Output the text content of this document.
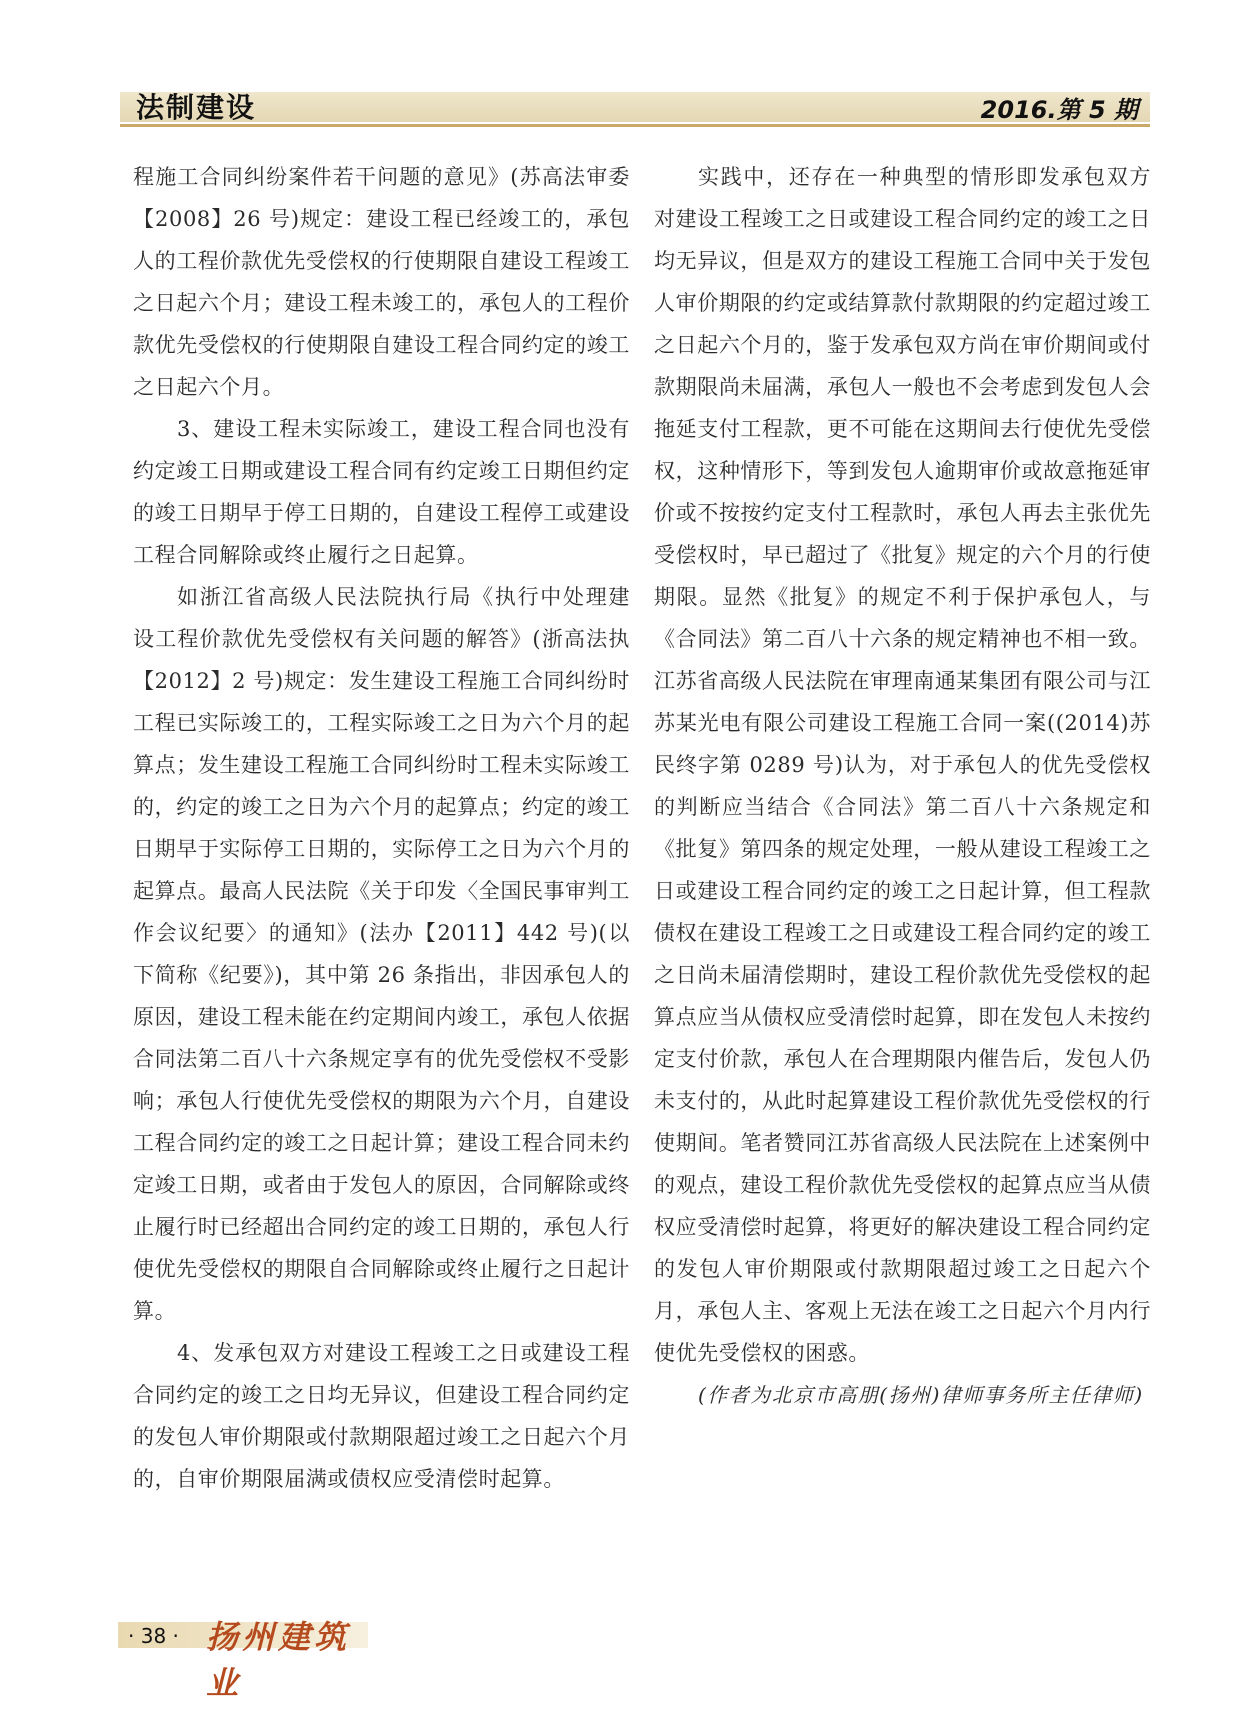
法制建设	2016.第 5 期

程施工合同纠纷案件若干问题的意见》(苏高法审委【2008】26 号)规定：建设工程已经竣工的，承包人的工程价款优先受偿权的行使期限自建设工程竣工之日起六个月；建设工程未竣工的，承包人的工程价款优先受偿权的行使期限自建设工程合同约定的竣工之日起六个月。

3、建设工程未实际竣工，建设工程合同也没有约定竣工日期或建设工程合同有约定竣工日期但约定的竣工日期早于停工日期的，自建设工程停工或建设工程合同解除或终止履行之日起算。

如浙江省高级人民法院执行局《执行中处理建设工程价款优先受偿权有关问题的解答》(浙高法执【2012】2 号)规定：发生建设工程施工合同纠纷时工程已实际竣工的，工程实际竣工之日为六个月的起算点；发生建设工程施工合同纠纷时工程未实际竣工的，约定的竣工之日为六个月的起算点；约定的竣工日期早于实际停工日期的，实际停工之日为六个月的起算点。最高人民法院《关于印发〈全国民事审判工作会议纪要〉的通知》(法办【2011】442 号)(以下简称《纪要》)，其中第 26 条指出，非因承包人的原因，建设工程未能在约定期间内竣工，承包人依据合同法第二百八十六条规定享有的优先受偿权不受影响；承包人行使优先受偿权的期限为六个月，自建设工程合同约定的竣工之日起计算；建设工程合同未约定竣工日期，或者由于发包人的原因，合同解除或终止履行时已经超出合同约定的竣工日期的，承包人行使优先受偿权的期限自合同解除或终止履行之日起计算。

4、发承包双方对建设工程竣工之日或建设工程合同约定的竣工之日均无异议，但建设工程合同约定的发包人审价期限或付款期限超过竣工之日起六个月的，自审价期限届满或债权应受清偿时起算。

实践中，还存在一种典型的情形即发承包双方对建设工程竣工之日或建设工程合同约定的竣工之日均无异议，但是双方的建设工程施工合同中关于发包人审价期限的约定或结算款付款期限的约定超过竣工之日起六个月的，鉴于发承包双方尚在审价期间或付款期限尚未届满，承包人一般也不会考虑到发包人会拖延支付工程款，更不可能在这期间去行使优先受偿权，这种情形下，等到发包人逾期审价或故意拖延审价或不按按约定支付工程款时，承包人再去主张优先受偿权时，早已超过了《批复》规定的六个月的行使期限。显然《批复》的规定不利于保护承包人，与《合同法》第二百八十六条的规定精神也不相一致。江苏省高级人民法院在审理南通某集团有限公司与江苏某光电有限公司建设工程施工合同一案((2014)苏民终字第 0289 号)认为，对于承包人的优先受偿权的判断应当结合《合同法》第二百八十六条规定和《批复》第四条的规定处理，一般从建设工程竣工之日或建设工程合同约定的竣工之日起计算，但工程款债权在建设工程竣工之日或建设工程合同约定的竣工之日尚未届清偿期时，建设工程价款优先受偿权的起算点应当从债权应受清偿时起算，即在发包人未按约定支付价款，承包人在合理期限内催告后，发包人仍未支付的，从此时起算建设工程价款优先受偿权的行使期间。笔者赞同江苏省高级人民法院在上述案例中的观点，建设工程价款优先受偿权的起算点应当从债权应受清偿时起算，将更好的解决建设工程合同约定的发包人审价期限或付款期限超过竣工之日起六个月，承包人主、客观上无法在竣工之日起六个月内行使优先受偿权的困惑。

(作者为北京市高朋(扬州)律师事务所主任律师)

· 38 · 扬州建筑业
